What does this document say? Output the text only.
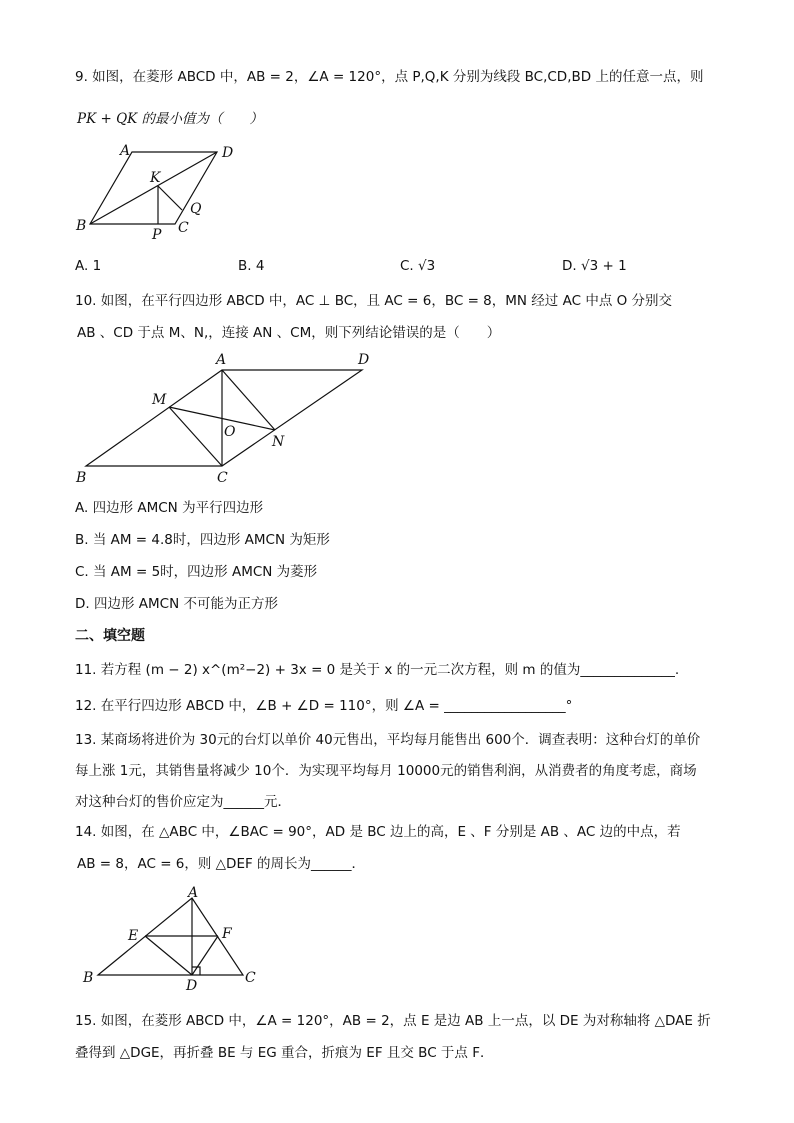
9. 如图，在菱形 ABCD 中，AB = 2，∠A = 120°，点 P,Q,K 分别为线段 BC,CD,BD 上的任意一点，则
PK + QK 的最小值为（　　）
A	D
K
Q
B
P C
A. 1	B. 4	C. √3	D. √3 + 1
10. 如图，在平行四边形 ABCD 中，AC ⊥ BC，且 AC = 6，BC = 8，MN 经过 AC 中点 O 分别交
AB 、CD 于点 M、N,，连接 AN 、CM，则下列结论错误的是（　　）
A	D
M
O
N
B	C
A. 四边形 AMCN 为平行四边形
B. 当 AM = 4.8时，四边形 AMCN 为矩形
C. 当 AM = 5时，四边形 AMCN 为菱形
D. 四边形 AMCN 不可能为正方形
二、填空题
11. 若方程 (m − 2) x^(m²−2) + 3x = 0 是关于 x 的一元二次方程，则 m 的值为______________.
12. 在平行四边形 ABCD 中，∠B + ∠D = 110°，则 ∠A = __________________°
13. 某商场将进价为 30元的台灯以单价 40元售出，平均每月能售出 600个．调查表明：这种台灯的单价
每上涨 1元，其销售量将减少 10个．为实现平均每月 10000元的销售利润，从消费者的角度考虑，商场
对这种台灯的售价应定为______元．
14. 如图，在 △ABC 中，∠BAC = 90°，AD 是 BC 边上的高，E 、F 分别是 AB 、AC 边的中点，若
AB = 8，AC = 6，则 △DEF 的周长为______．
A
E	F
B	D	C
15. 如图，在菱形 ABCD 中，∠A = 120°，AB = 2，点 E 是边 AB 上一点，以 DE 为对称轴将 △DAE 折
叠得到 △DGE，再折叠 BE 与 EG 重合，折痕为 EF 且交 BC 于点 F．
